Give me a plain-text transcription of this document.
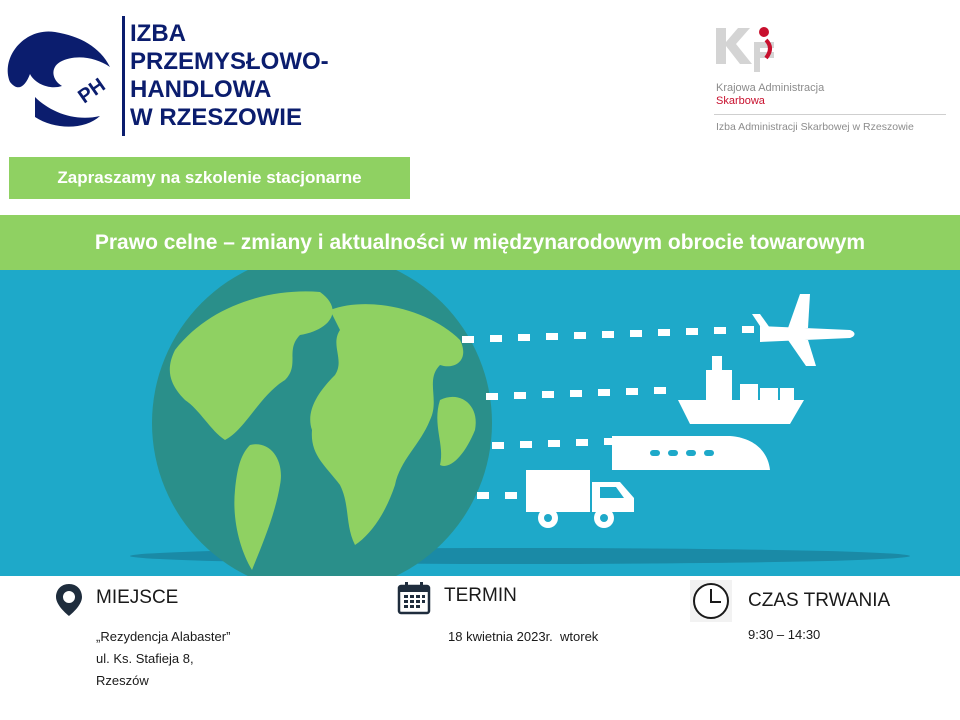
PH
IZBA
PRZEMYSŁOWO-
HANDLOWA
W RZESZOWIE
Krajowa Administracja
Skarbowa
Izba Administracji Skarbowej w Rzeszowie
Zapraszamy na szkolenie stacjonarne
Prawo celne – zmiany i aktualności w międzynarodowym obrocie towarowym
MIEJSCE
„Rezydencja Alabaster”
ul. Ks. Stafieja 8,
Rzeszów
TERMIN
18 kwietnia 2023r.  wtorek
CZAS TRWANIA
9:30 – 14:30
